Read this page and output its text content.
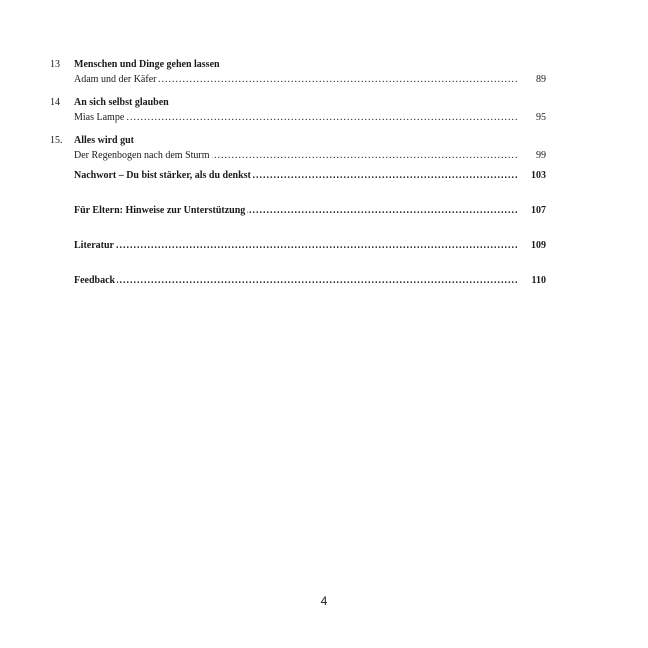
13	Menschen und Dinge gehen lassen
.....
Adam und der Käfer	89
14	An sich selbst glauben
.....
Mias Lampe	95
15.	Alles wird gut
.....
Der Regenbogen nach dem Sturm	99
.....
Nachwort – Du bist stärker, als du denkst	103
.....
Für Eltern: Hinweise zur Unterstützung	107
.....
Literatur	109
.....
Feedback	110
4
